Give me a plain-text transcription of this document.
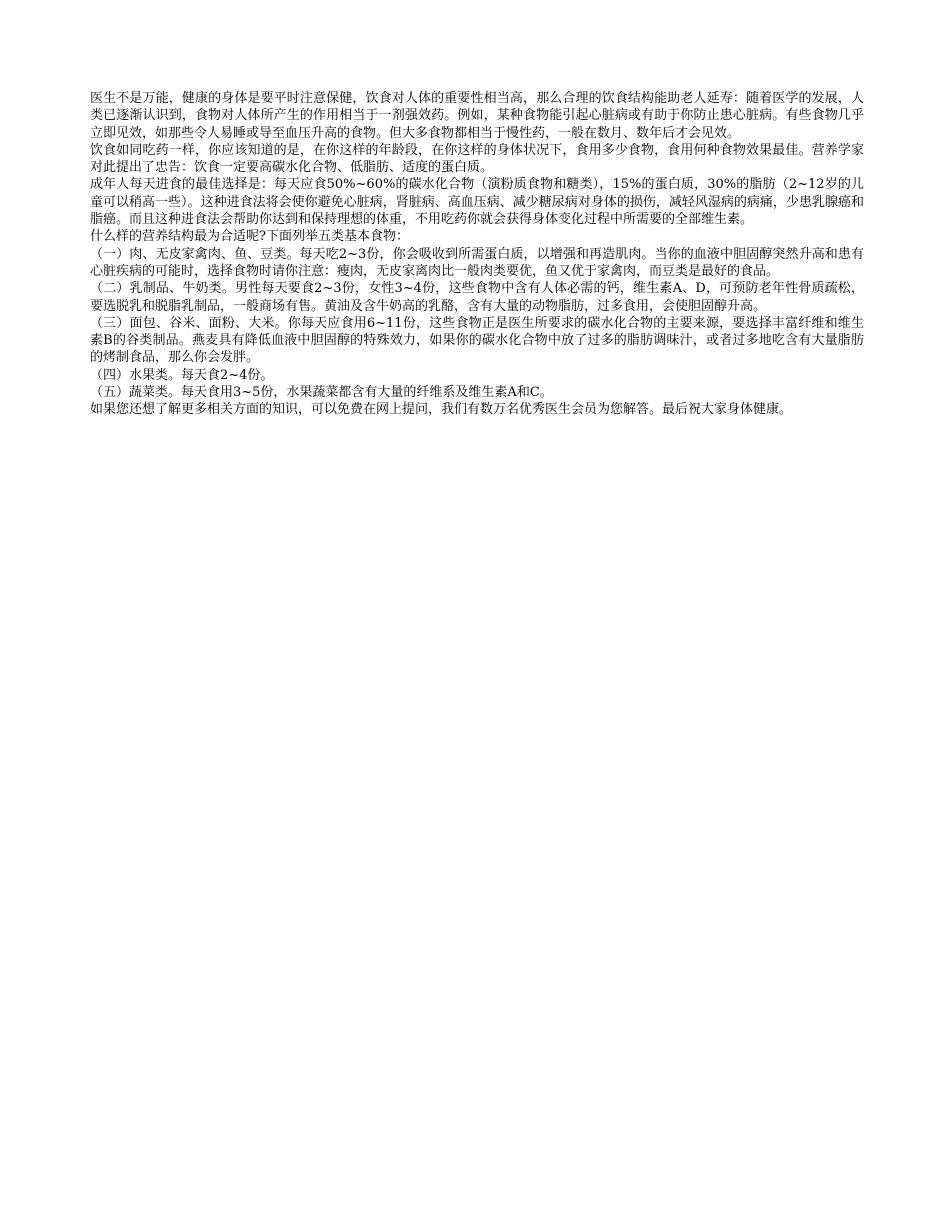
医生不是万能，健康的身体是要平时注意保健，饮食对人体的重要性相当高，那么合理的饮食结构能助老人延寿：随着医学的发展，人类已逐渐认识到，食物对人体所产生的作用相当于一剂强效药。例如，某种食物能引起心脏病或有助于你防止患心脏病。有些食物几乎立即见效，如那些令人易睡或导至血压升高的食物。但大多食物都相当于慢性药，一般在数月、数年后才会见效。

饮食如同吃药一样，你应该知道的是，在你这样的年龄段，在你这样的身体状况下，食用多少食物，食用何种食物效果最佳。营养学家对此提出了忠告：饮食一定要高碳水化合物、低脂肪、适度的蛋白质。

成年人每天进食的最佳选择是：每天应食50%~60%的碳水化合物（演粉质食物和糖类），15%的蛋白质，30%的脂肪（2~12岁的儿童可以稍高一些）。这种进食法将会使你避免心脏病，肾脏病、高血压病、减少糖尿病对身体的损伤，减轻风湿病的病痛，少患乳腺癌和脂癌。而且这种进食法会帮助你达到和保持理想的体重，不用吃药你就会获得身体变化过程中所需要的全部维生素。

什么样的营养结构最为合适呢?下面列举五类基本食物：

（一）肉、无皮家禽肉、鱼、豆类。每天吃2~3份，你会吸收到所需蛋白质，以增强和再造肌肉。当你的血液中胆固醇突然升高和患有心脏疾病的可能时，选择食物时请你注意：瘦肉，无皮家离肉比一般肉类要优，鱼又优于家禽肉，而豆类是最好的食品。

（二）乳制品、牛奶类。男性每天要食2~3份，女性3~4份，这些食物中含有人体必需的钙，维生素A、D，可预防老年性骨质疏松，要选脱乳和脱脂乳制品，一般商场有售。黄油及含牛奶高的乳酪，含有大量的动物脂肪，过多食用，会使胆固醇升高。

（三）面包、谷米、面粉、大米。你每天应食用6~11份，这些食物正是医生所要求的碳水化合物的主要来源，要选择丰富纤维和维生素B的谷类制品。燕麦具有降低血液中胆固醇的特殊效力，如果你的碳水化合物中放了过多的脂肪调味汁，或者过多地吃含有大量脂肪的烤制食品，那么你会发胖。

（四）水果类。每天食2~4份。

（五）蔬菜类。每天食用3~5份，水果蔬菜都含有大量的纤维系及维生素A和C。

如果您还想了解更多相关方面的知识，可以免费在网上提问，我们有数万名优秀医生会员为您解答。最后祝大家身体健康。
